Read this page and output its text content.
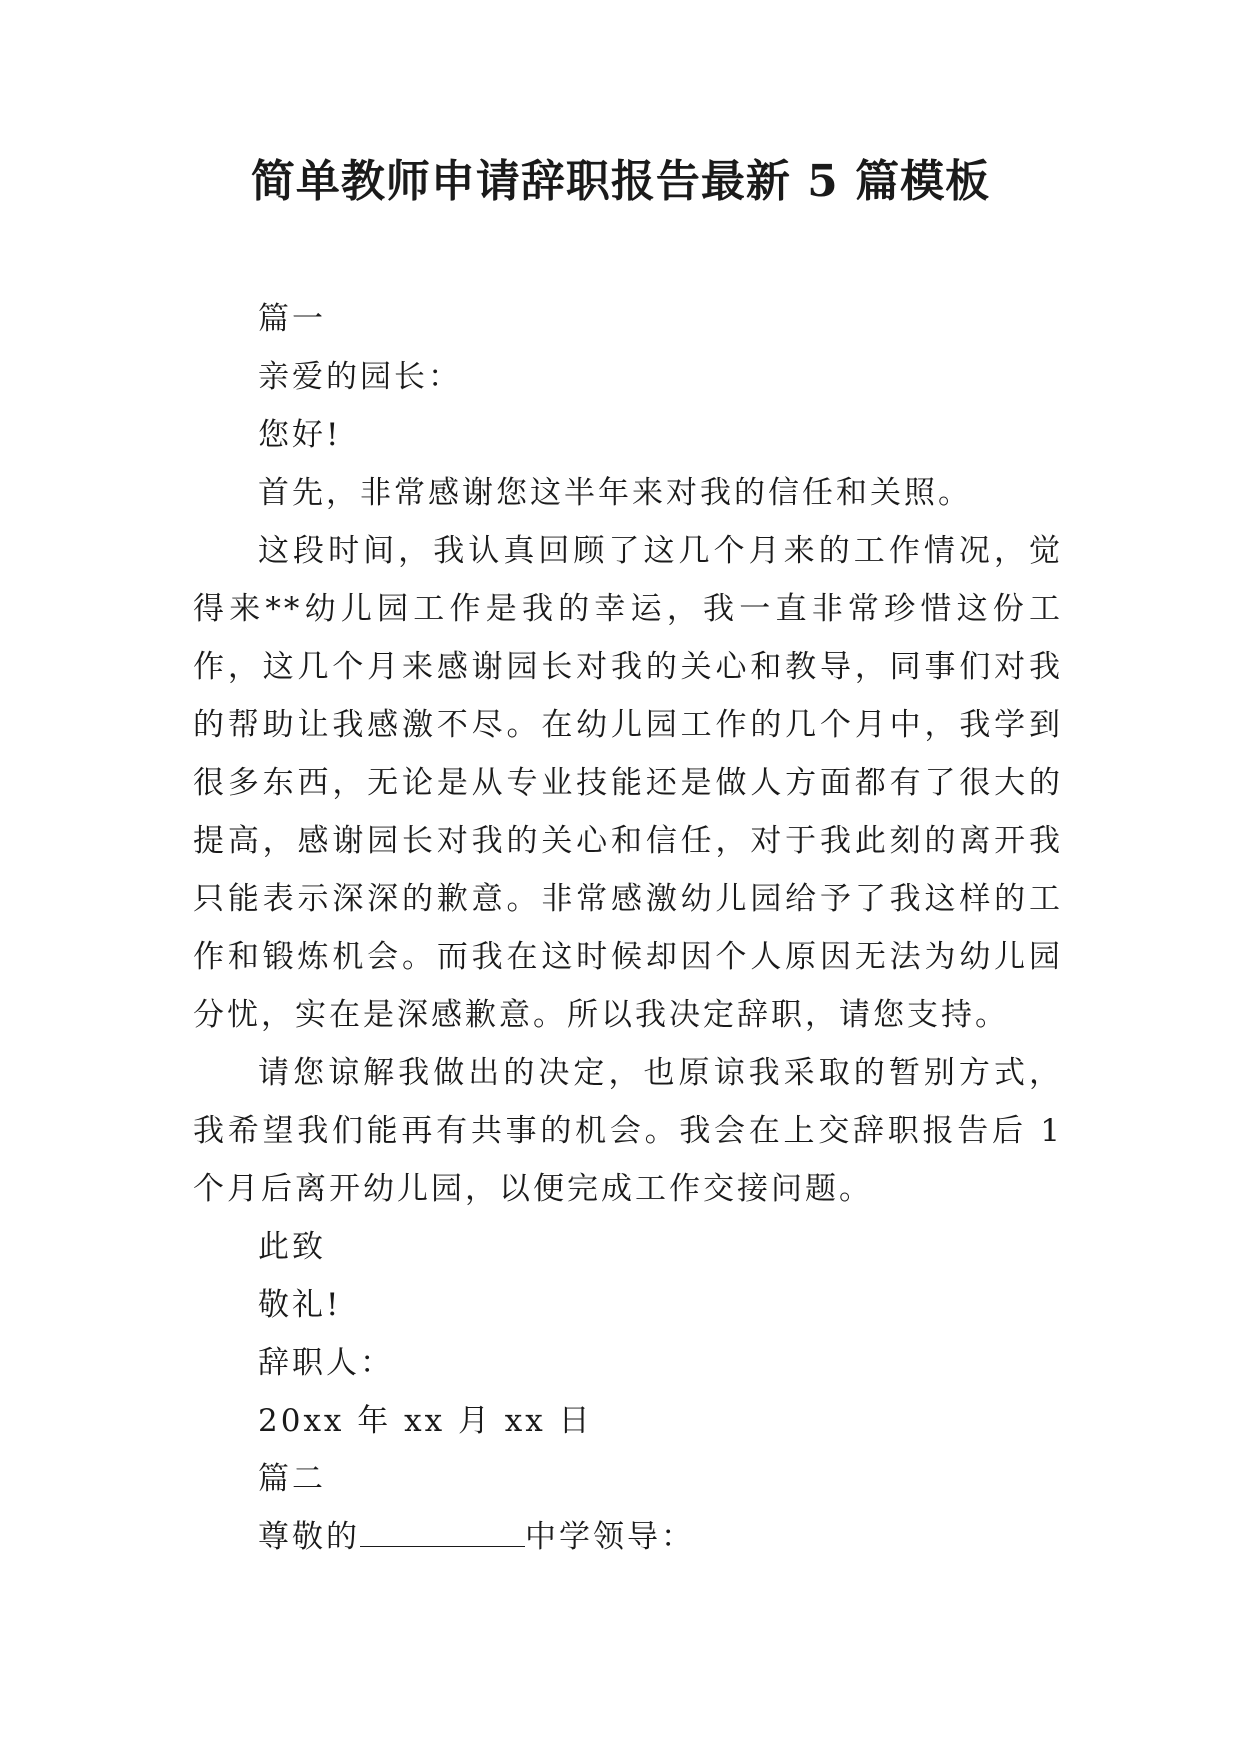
简单教师申请辞职报告最新 5 篇模板

篇一

亲爱的园长：

您好!

首先，非常感谢您这半年来对我的信任和关照。

这段时间，我认真回顾了这几个月来的工作情况，觉得来**幼儿园工作是我的幸运，我一直非常珍惜这份工作，这几个月来感谢园长对我的关心和教导，同事们对我的帮助让我感激不尽。在幼儿园工作的几个月中，我学到很多东西，无论是从专业技能还是做人方面都有了很大的提高，感谢园长对我的关心和信任，对于我此刻的离开我只能表示深深的歉意。非常感激幼儿园给予了我这样的工作和锻炼机会。而我在这时候却因个人原因无法为幼儿园分忧，实在是深感歉意。所以我决定辞职，请您支持。

请您谅解我做出的决定，也原谅我采取的暂别方式，我希望我们能再有共事的机会。我会在上交辞职报告后 1 个月后离开幼儿园，以便完成工作交接问题。

此致

敬礼!

辞职人：

20xx 年 xx 月 xx 日

篇二

尊敬的	中学领导：
